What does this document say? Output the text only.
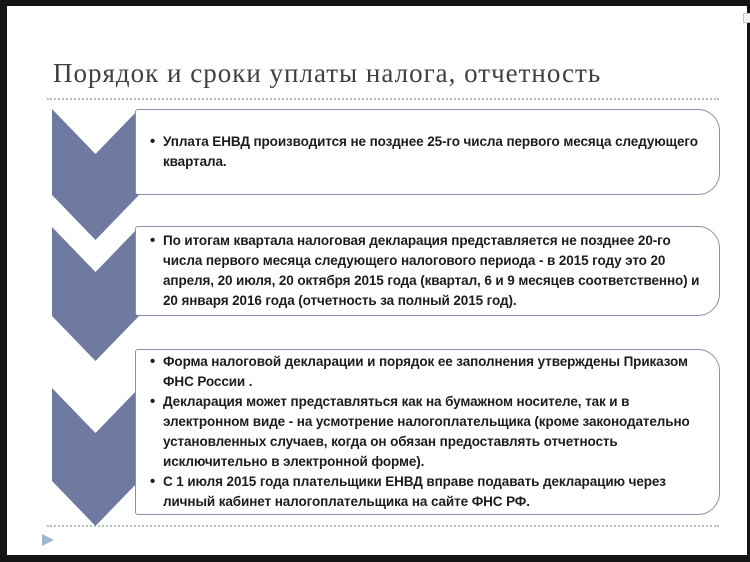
Порядок и сроки уплаты налога, отчетность
• Уплата ЕНВД производится не позднее 25-го числа первого месяца следующего квартала.
• По итогам квартала налоговая декларация представляется не позднее 20-го числа первого месяца следующего налогового периода - в 2015 году это 20 апреля, 20 июля, 20 октября 2015 года (квартал, 6 и 9 месяцев соответственно) и 20 января 2016 года (отчетность за полный 2015 год).
• Форма налоговой декларации и порядок ее заполнения утверждены Приказом ФНС России .
• Декларация может представляться как на бумажном носителе, так и в электронном виде - на усмотрение налогоплательщика (кроме законодательно установленных случаев, когда он обязан предоставлять отчетность исключительно в электронной форме).
• С 1 июля 2015 года плательщики ЕНВД вправе подавать декларацию через личный кабинет налогоплательщика на сайте ФНС РФ.
